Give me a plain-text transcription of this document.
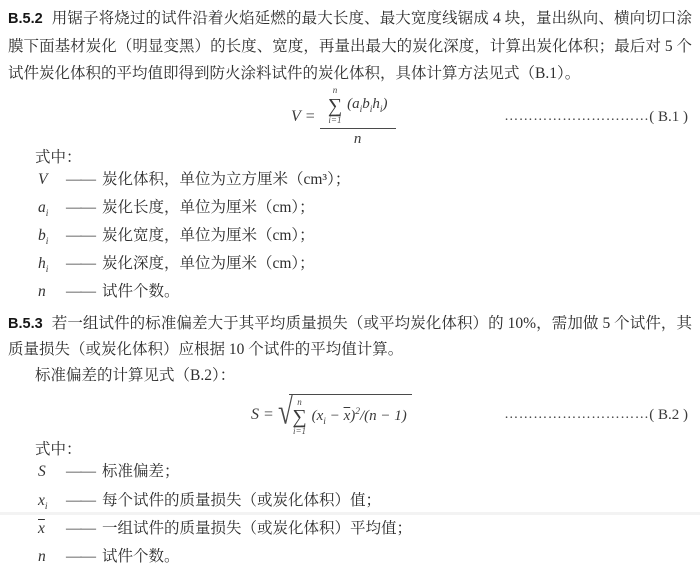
B.5.2 用锯子将烧过的试件沿着火焰延燃的最大长度、最大宽度线锯成 4 块，量出纵向、横向切口涂膜下面基材炭化（明显变黑）的长度、宽度，再量出最大的炭化深度，计算出炭化体积；最后对 5 个试件炭化体积的平均值即得到防火涂料试件的炭化体积，具体计算方法见式（B.1）。

V =
n
∑
i=1
$(a_ib_ih_i)$
n
………………………… ( B.1 )
式中：
V	—— 炭化体积，单位为立方厘米（cm³）；
$a_i$	—— 炭化长度，单位为厘米（cm）；
$b_i$	—— 炭化宽度，单位为厘米（cm）；
$h_i$	—— 炭化深度，单位为厘米（cm）；
n	—— 试件个数。

B.5.3 若一组试件的标准偏差大于其平均质量损失（或平均炭化体积）的 10%，需加做 5 个试件，其质量损失（或炭化体积）应根据 10 个试件的平均值计算。

标准偏差的计算见式（B.2）：
S = √ n
∑
i=1
$(x_i - \overline{x})^2/(n - 1)$	………………………… ( B.2 )
式中：
S	—— 标准偏差；
$x_i$	—— 每个试件的质量损失（或炭化体积）值；
$\overline{x}$	—— 一组试件的质量损失（或炭化体积）平均值；
n	—— 试件个数。
